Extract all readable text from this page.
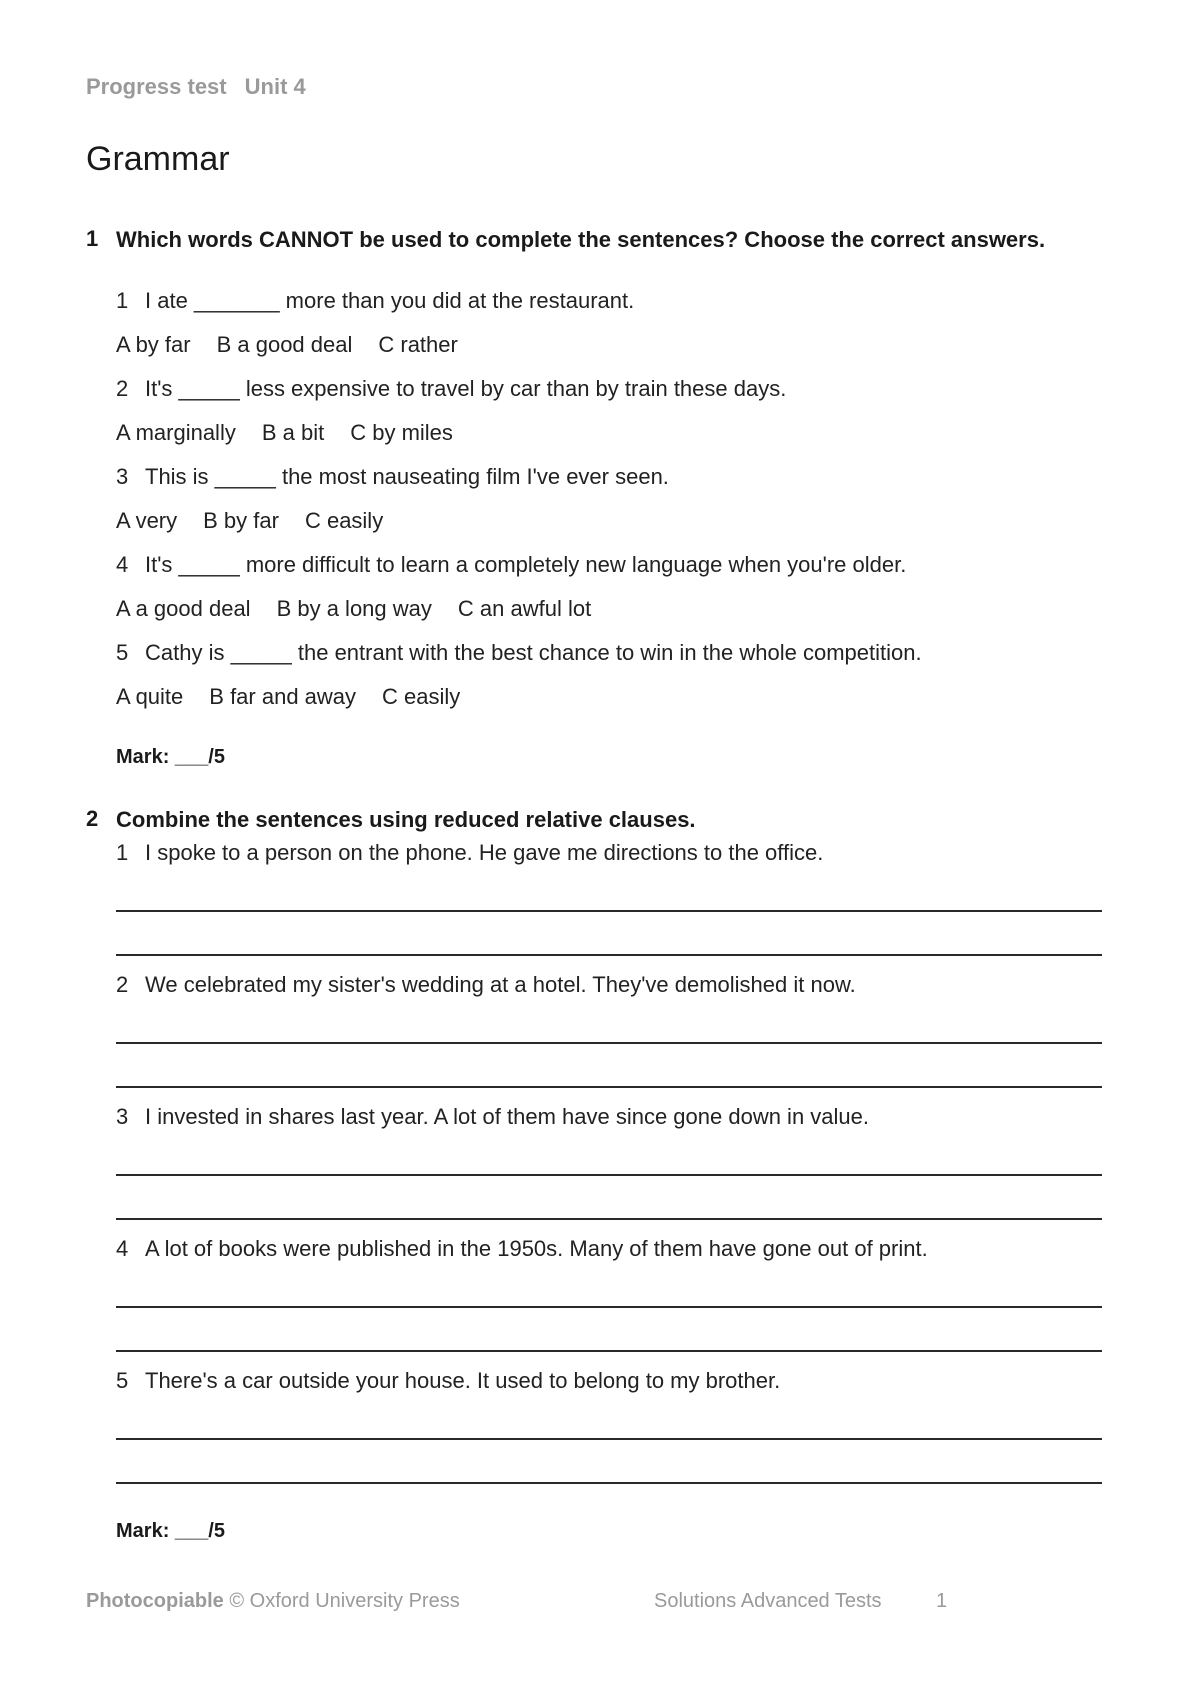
Progress test Unit 4
Grammar
1 Which words CANNOT be used to complete the sentences? Choose the correct answers.
1 I ate _______ more than you did at the restaurant.
A by far B a good deal C rather
2 It's _____ less expensive to travel by car than by train these days.
A marginally B a bit C by miles
3 This is _____ the most nauseating film I've ever seen.
A very B by far C easily
4 It's _____ more difficult to learn a completely new language when you're older.
A a good deal B by a long way C an awful lot
5 Cathy is _____ the entrant with the best chance to win in the whole competition.
A quite B far and away C easily
Mark: ___/5
2 Combine the sentences using reduced relative clauses.
1 I spoke to a person on the phone. He gave me directions to the office.
2 We celebrated my sister's wedding at a hotel. They've demolished it now.
3 I invested in shares last year. A lot of them have since gone down in value.
4 A lot of books were published in the 1950s. Many of them have gone out of print.
5 There's a car outside your house. It used to belong to my brother.
Mark: ___/5
Photocopiable © Oxford University Press	Solutions Advanced Tests	1
